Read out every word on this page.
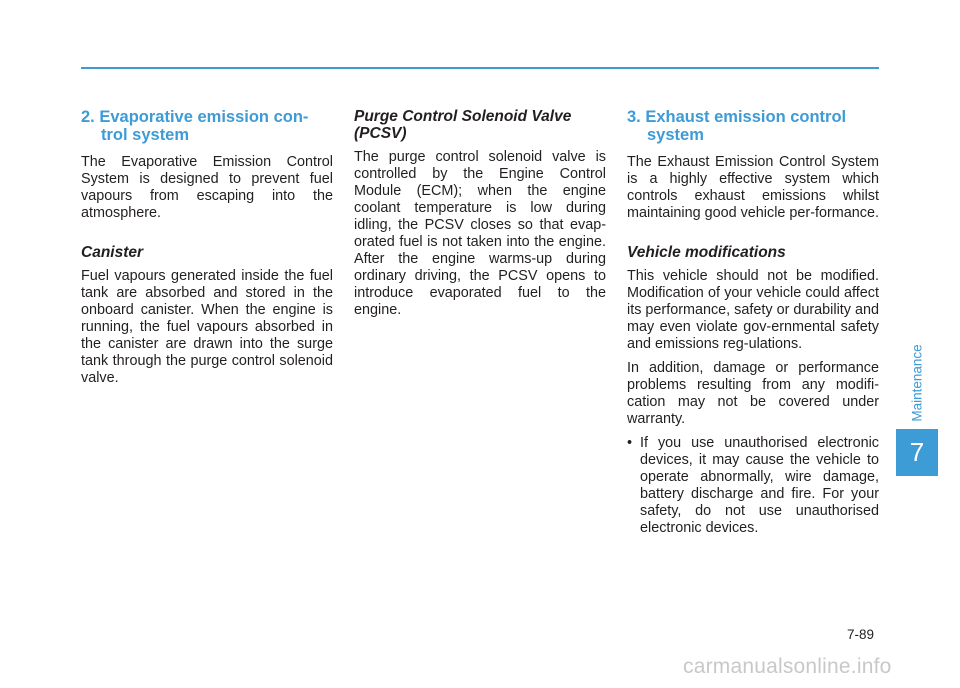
2. Evaporative emission con-trol system

The Evaporative Emission Control System is designed to prevent fuel vapours from escaping into the atmosphere.

Canister

Fuel vapours generated inside the fuel tank are absorbed and stored in the onboard canister. When the engine is running, the fuel vapours absorbed in the canister are drawn into the surge tank through the purge control solenoid valve.

Purge Control Solenoid Valve (PCSV)

The purge control solenoid valve is controlled by the Engine Control Module (ECM); when the engine coolant temperature is low during idling, the PCSV closes so that evap-orated fuel is not taken into the engine. After the engine warms-up during ordinary driving, the PCSV opens to introduce evaporated fuel to the engine.

3. Exhaust emission control system

The Exhaust Emission Control System is a highly effective system which controls exhaust emissions whilst maintaining good vehicle per-formance.

Vehicle modifications

This vehicle should not be modified. Modification of your vehicle could affect its performance, safety or durability and may even violate gov-ernmental safety and emissions reg-ulations.

In addition, damage or performance problems resulting from any modifi-cation may not be covered under warranty.

• If you use unauthorised electronic devices, it may cause the vehicle to operate abnormally, wire damage, battery discharge and fire. For your safety, do not use unauthorised electronic devices.
Maintenance
7
7-89
carmanualsonline.info
